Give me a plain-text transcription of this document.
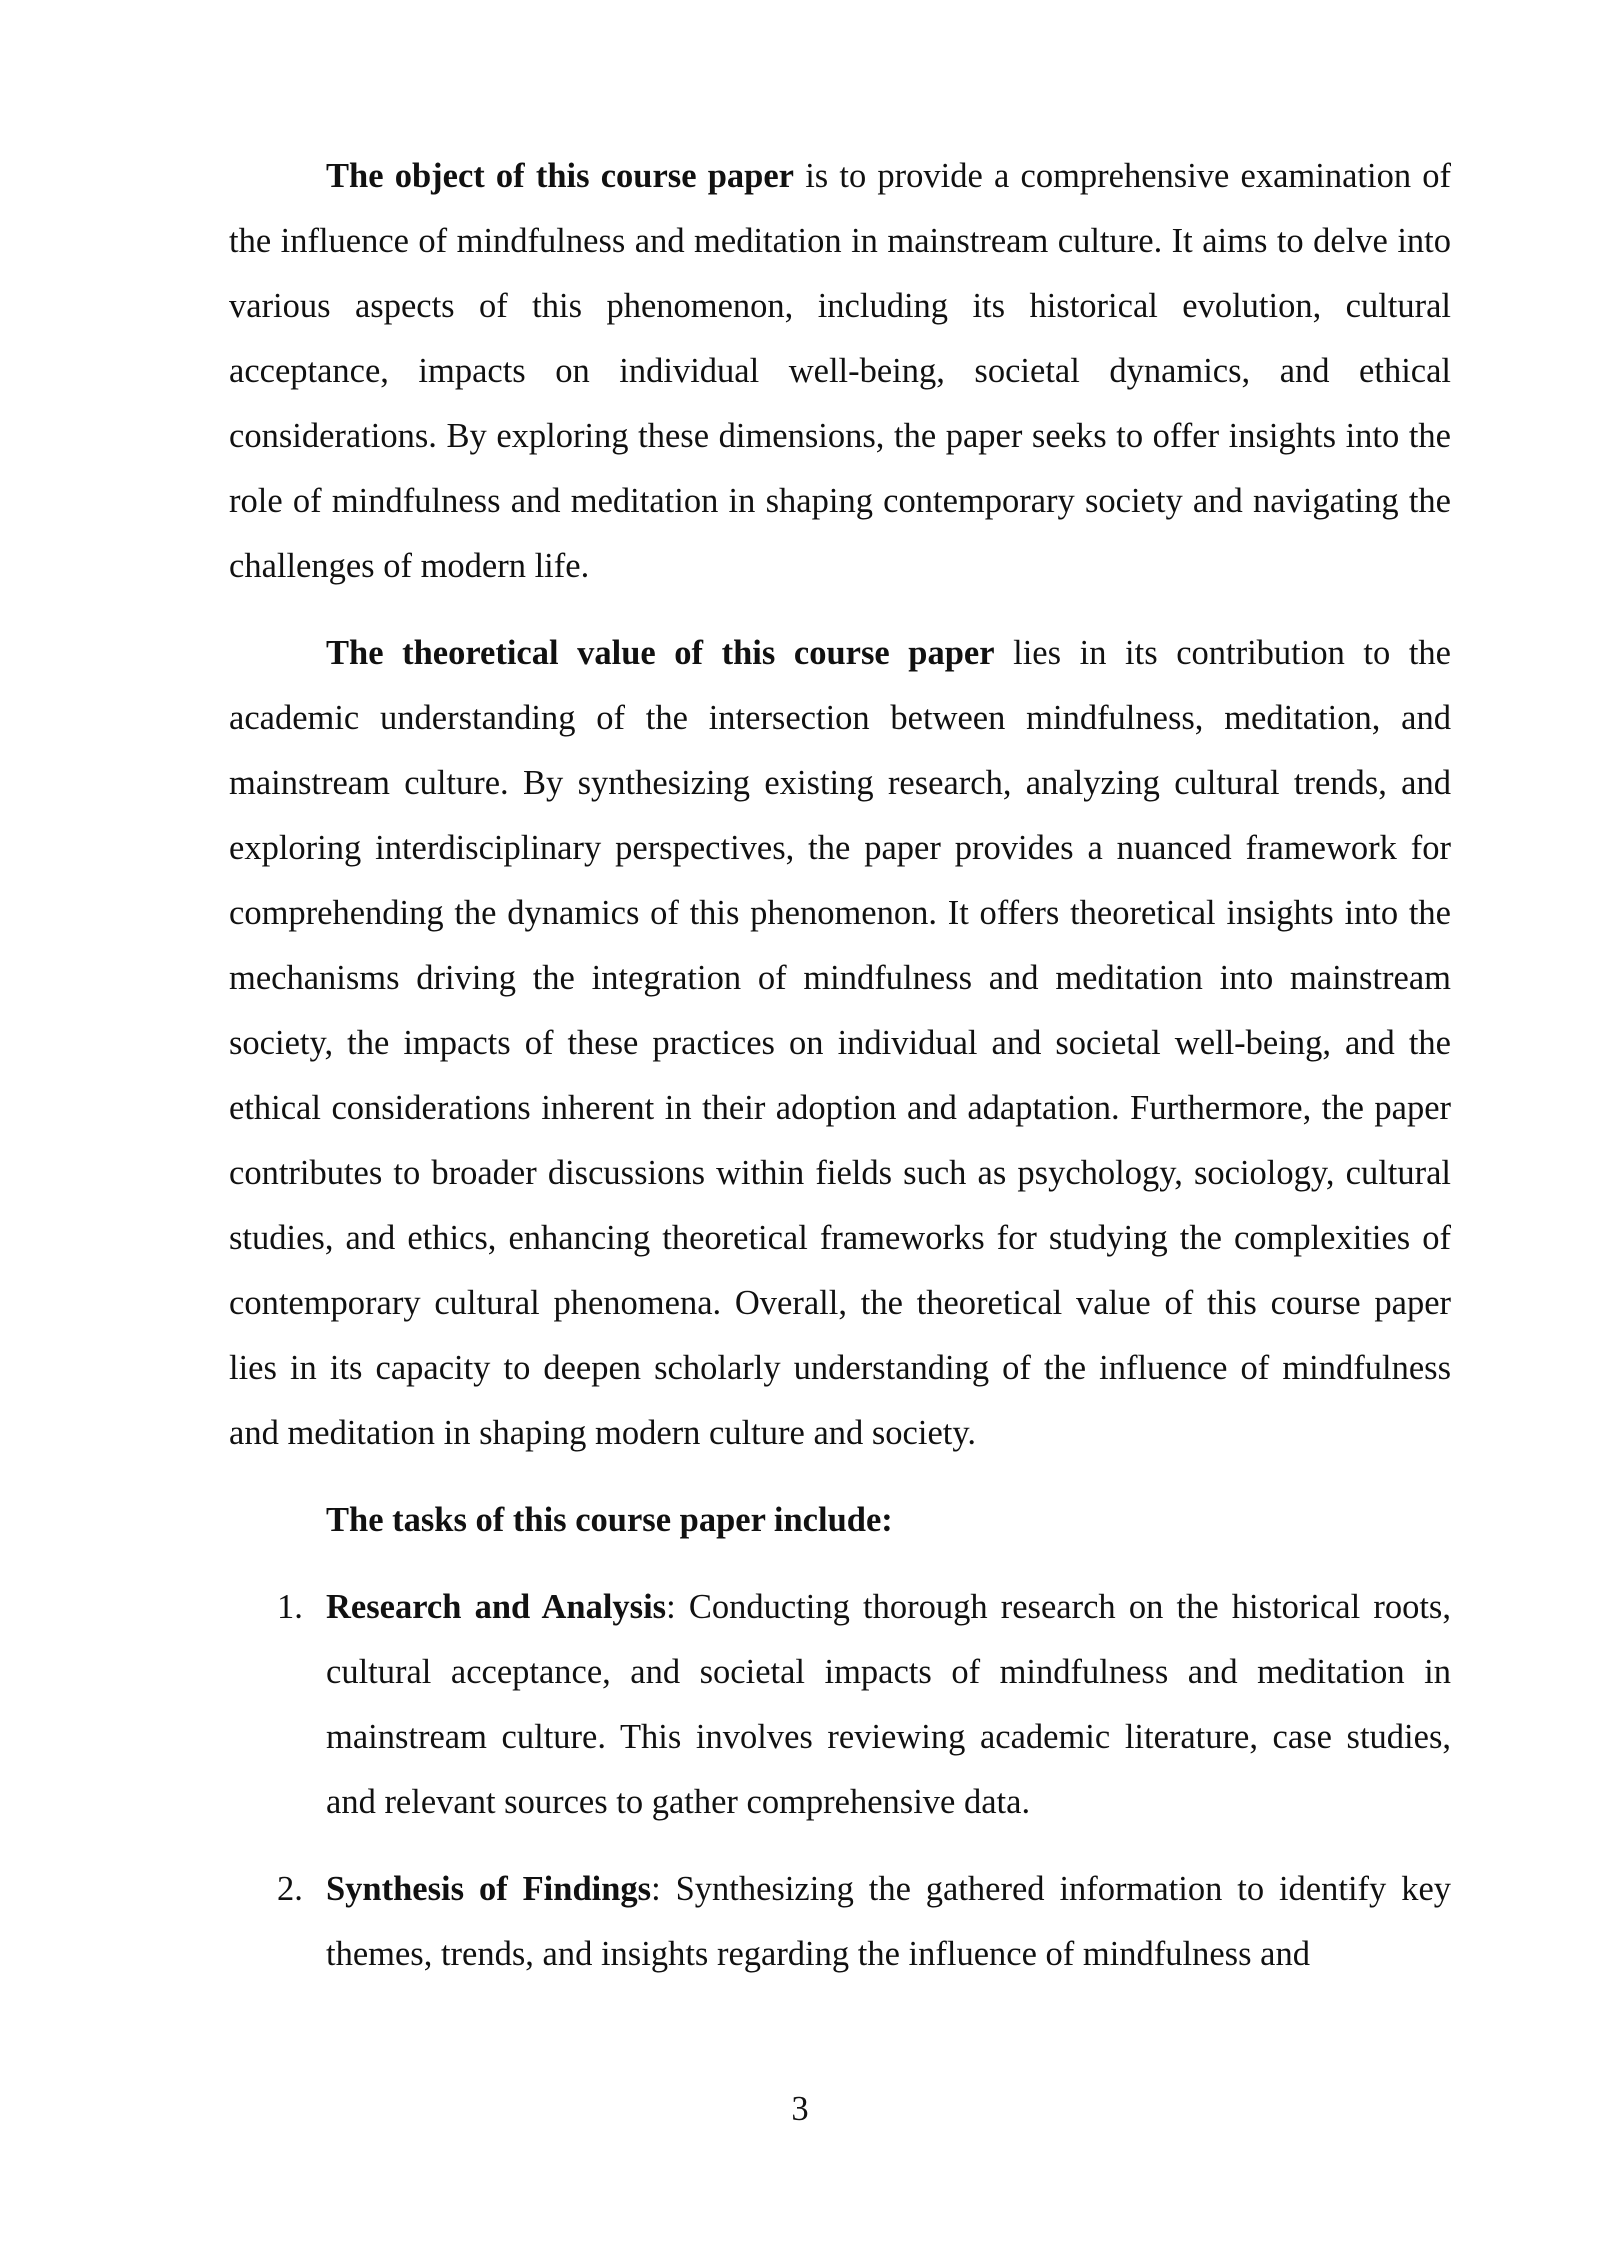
The object of this course paper is to provide a comprehensive examination of the influence of mindfulness and meditation in mainstream culture. It aims to delve into various aspects of this phenomenon, including its historical evolution, cultural acceptance, impacts on individual well-being, societal dynamics, and ethical considerations. By exploring these dimensions, the paper seeks to offer insights into the role of mindfulness and meditation in shaping contemporary society and navigating the challenges of modern life.

The theoretical value of this course paper lies in its contribution to the academic understanding of the intersection between mindfulness, meditation, and mainstream culture. By synthesizing existing research, analyzing cultural trends, and exploring interdisciplinary perspectives, the paper provides a nuanced framework for comprehending the dynamics of this phenomenon. It offers theoretical insights into the mechanisms driving the integration of mindfulness and meditation into mainstream society, the impacts of these practices on individual and societal well-being, and the ethical considerations inherent in their adoption and adaptation. Furthermore, the paper contributes to broader discussions within fields such as psychology, sociology, cultural studies, and ethics, enhancing theoretical frameworks for studying the complexities of contemporary cultural phenomena. Overall, the theoretical value of this course paper lies in its capacity to deepen scholarly understanding of the influence of mindfulness and meditation in shaping modern culture and society.

The tasks of this course paper include:

1. Research and Analysis: Conducting thorough research on the historical roots, cultural acceptance, and societal impacts of mindfulness and meditation in mainstream culture. This involves reviewing academic literature, case studies, and relevant sources to gather comprehensive data.
2. Synthesis of Findings: Synthesizing the gathered information to identify key themes, trends, and insights regarding the influence of mindfulness and
3
